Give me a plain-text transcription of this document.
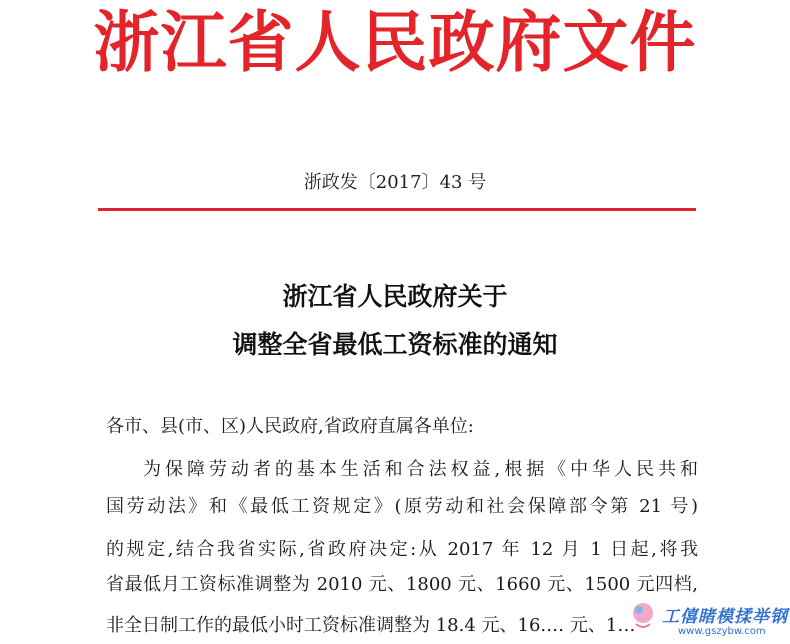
浙江省人民政府文件
浙政发〔2017〕43 号
浙江省人民政府关于
调整全省最低工资标准的通知
各市、县(市、区)人民政府,省政府直属各单位:
为保障劳动者的基本生活和合法权益,根据《中华人民共和
国劳动法》和《最低工资规定》(原劳动和社会保障部令第 21 号)
的规定,结合我省实际,省政府决定:从 2017 年 12 月 1 日起,将我
省最低月工资标准调整为 2010 元、1800 元、1660 元、1500 元四档,
非全日制工作的最低小时工资标准调整为 18.4 元、16.… 元、1…	工僖睹模揉举钢
www.gszybw.com
